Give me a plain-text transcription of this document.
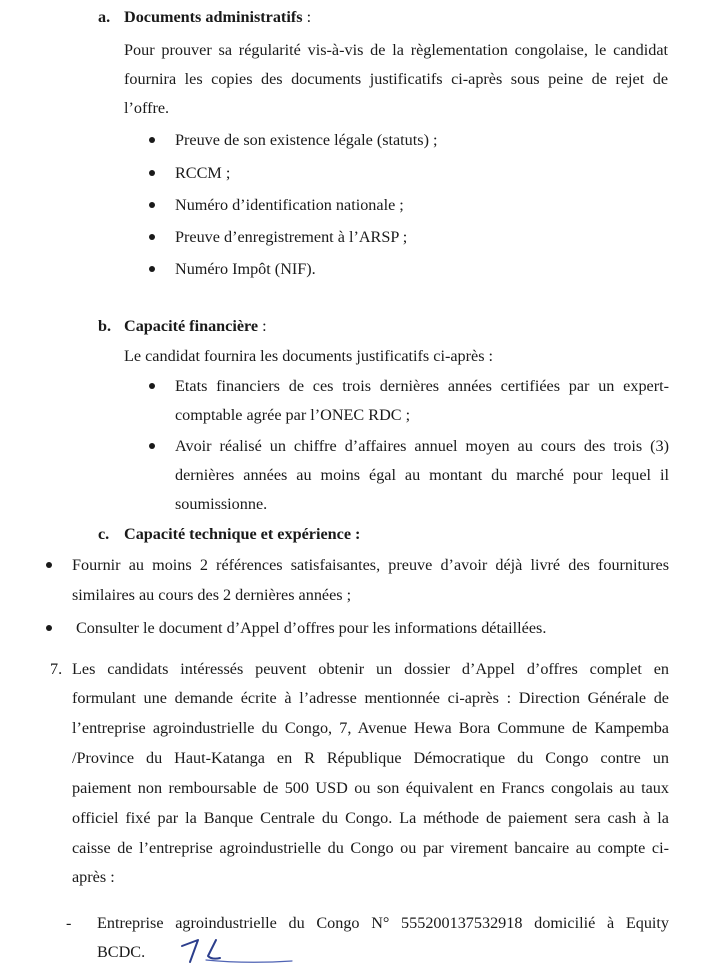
a. Documents administratifs :
Pour prouver sa régularité vis-à-vis de la règlementation congolaise, le candidat
fournira les copies des documents justificatifs ci-après sous peine de rejet de
l’offre.
Preuve de son existence légale (statuts) ;
RCCM ;
Numéro d’identification nationale ;
Preuve d’enregistrement à l’ARSP ;
Numéro Impôt (NIF).
b. Capacité financière :
Le candidat fournira les documents justificatifs ci-après :
Etats financiers de ces trois dernières années certifiées par un expert-
comptable agrée par l’ONEC RDC ;
Avoir réalisé un chiffre d’affaires annuel moyen au cours des trois (3)
dernières années au moins égal au montant du marché pour lequel il
soumissionne.
c. Capacité technique et expérience :
Fournir au moins 2 références satisfaisantes, preuve d’avoir déjà livré des fournitures
similaires au cours des 2 dernières années ;
Consulter le document d’Appel d’offres pour les informations détaillées.
7. Les candidats intéressés peuvent obtenir un dossier d’Appel d’offres complet en
formulant une demande écrite à l’adresse mentionnée ci-après : Direction Générale de
l’entreprise agroindustrielle du Congo, 7, Avenue Hewa Bora Commune de Kampemba
/Province du Haut-Katanga en R République Démocratique du Congo contre un
paiement non remboursable de 500 USD ou son équivalent en Francs congolais au taux
officiel fixé par la Banque Centrale du Congo. La méthode de paiement sera cash à la
caisse de l’entreprise agroindustrielle du Congo ou par virement bancaire au compte ci-
après :
- Entreprise agroindustrielle du Congo N° 555200137532918 domicilié à Equity
BCDC.
